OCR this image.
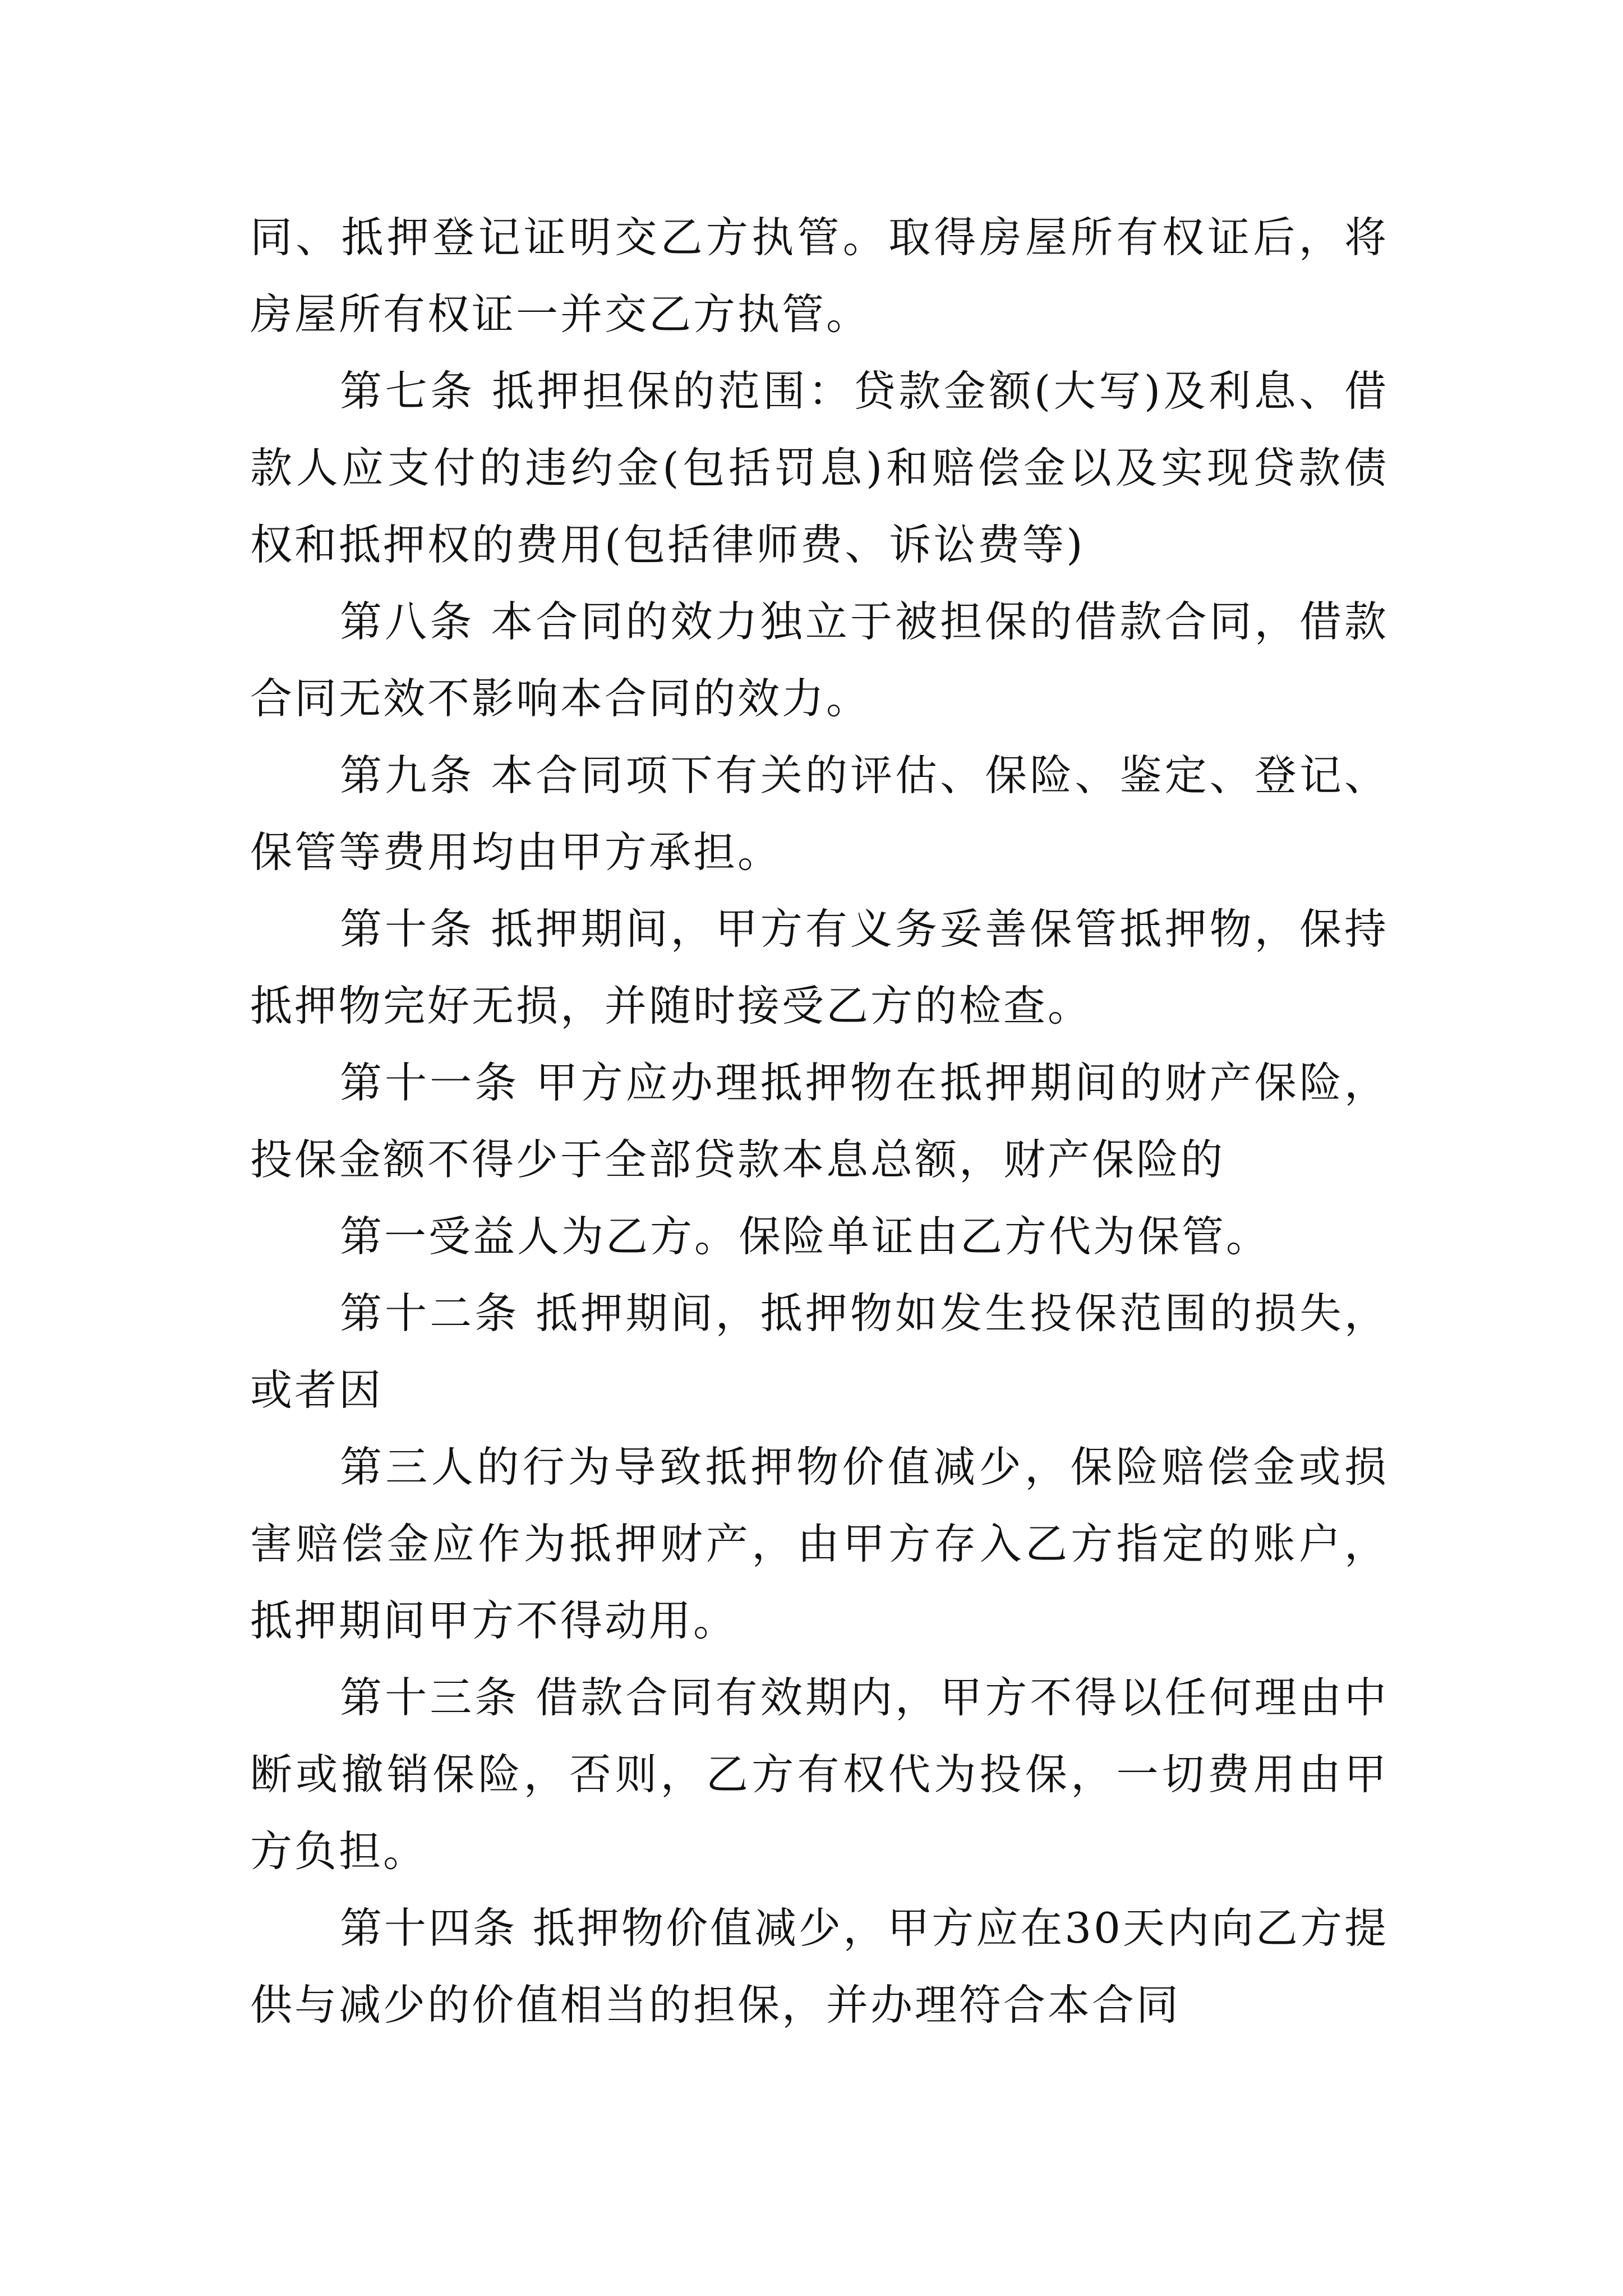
同、抵押登记证明交乙方执管。取得房屋所有权证后，将房屋所有权证一并交乙方执管。

第七条 抵押担保的范围：贷款金额(大写)及利息、借款人应支付的违约金(包括罚息)和赔偿金以及实现贷款债权和抵押权的费用(包括律师费、诉讼费等)

第八条 本合同的效力独立于被担保的借款合同，借款合同无效不影响本合同的效力。

第九条 本合同项下有关的评估、保险、鉴定、登记、保管等费用均由甲方承担。

第十条 抵押期间，甲方有义务妥善保管抵押物，保持抵押物完好无损，并随时接受乙方的检查。

第十一条 甲方应办理抵押物在抵押期间的财产保险，投保金额不得少于全部贷款本息总额，财产保险的

第一受益人为乙方。保险单证由乙方代为保管。

第十二条 抵押期间，抵押物如发生投保范围的损失，或者因

第三人的行为导致抵押物价值减少，保险赔偿金或损害赔偿金应作为抵押财产，由甲方存入乙方指定的账户，抵押期间甲方不得动用。

第十三条 借款合同有效期内，甲方不得以任何理由中断或撤销保险，否则，乙方有权代为投保，一切费用由甲方负担。

第十四条 抵押物价值减少，甲方应在30天内向乙方提供与减少的价值相当的担保，并办理符合本合同
